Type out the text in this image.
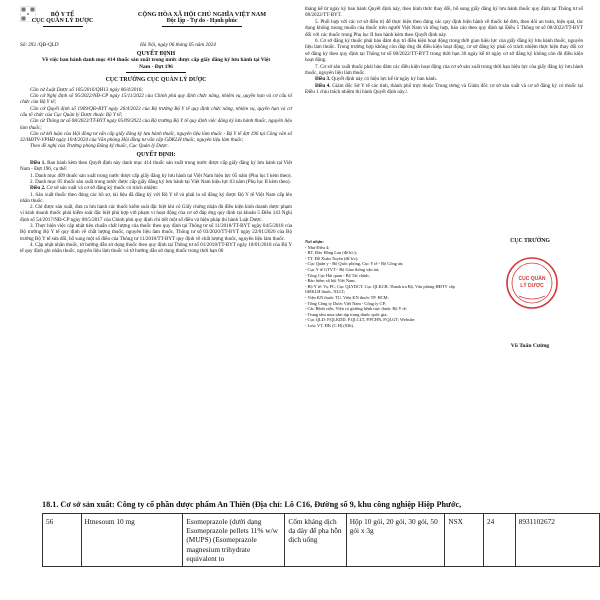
BỘ Y TẾ
CỤC QUẢN LÝ DƯỢC
CỘNG HÒA XÃ HỘI CHỦ NGHĨA VIỆT NAM
Độc lập - Tự do - Hạnh phúc
Số: 292 /QĐ-QLD	Hà Nội, ngày 06 tháng 05 năm 2024
QUYẾT ĐỊNH
Về việc ban hành danh mục 414 thuốc sản xuất trong nước được cấp giấy đăng ký lưu hành tại Việt Nam - Đợt 196
CỤC TRƯỞNG CỤC QUẢN LÝ DƯỢC

Căn cứ Luật Dược số 105/2016/QH13 ngày 06/4/2016;

Căn cứ Nghị định số 95/2022/NĐ-CP ngày 15/11/2022 của Chính phủ quy định chức năng, nhiệm vụ, quyền hạn và cơ cấu tổ chức của Bộ Y tế;

Căn cứ Quyết định số 1969/QĐ-BYT ngày 26/4/2023 của Bộ trưởng Bộ Y tế quy định chức năng, nhiệm vụ, quyền hạn và cơ cấu tổ chức của Cục Quản lý Dược thuộc Bộ Y tế;

Căn cứ Thông tư số 08/2022/TT-BYT ngày 05/09/2022 của Bộ trưởng Bộ Y tế quy định việc đăng ký lưu hành thuốc, nguyên liệu làm thuốc;

Căn cứ kết luận của Hội đồng tư vấn cấp giấy đăng ký lưu hành thuốc, nguyên liệu làm thuốc - Bộ Y tế đợt 196 tại Công văn số 32/HĐTV-VPHĐ ngày 10/4/2024 của Văn phòng Hội đồng tư vấn cấp GĐKLH thuốc, nguyên liệu làm thuốc;

Theo đề nghị của Trưởng phòng Đăng ký thuốc, Cục Quản lý Dược.

QUYẾT ĐỊNH:

Điều 1. Ban hành kèm theo Quyết định này danh mục 414 thuốc sản xuất trong nước được cấp giấy đăng ký lưu hành tại Việt Nam - Đợt 196, cụ thể:

1. Danh mục 409 thuốc sản xuất trong nước được cấp giấy đăng ký lưu hành tại Việt Nam hiệu lực 05 năm (Phụ lục I kèm theo).

2. Danh mục 05 thuốc sản xuất trong nước được cấp giấy đăng ký lưu hành tại Việt Nam hiệu lực 03 năm (Phụ lục II kèm theo).

Điều 2. Cơ sở sản xuất và cơ sở đăng ký thuốc có trách nhiệm:

1. Sản xuất thuốc theo đúng các hồ sơ, tài liệu đã đăng ký với Bộ Y tế và phải in số đăng ký được Bộ Y tế Việt Nam cấp lên nhãn thuốc.

2. Chỉ được sản xuất, đưa ra lưu hành các thuốc kiểm soát đặc biệt khi có Giấy chứng nhận đủ điều kiện kinh doanh dược phạm vi kinh doanh thuốc phải kiểm soát đặc biệt phù hợp với phạm vi hoạt động của cơ sở đáp ứng quy định tại khoản 5 Điều 143 Nghị định số 54/2017/NĐ-CP ngày 08/5/2017 của Chính phủ quy định chi tiết một số điều và biện pháp thi hành Luật Dược.

3. Thực hiện việc cập nhật tiêu chuẩn chất lượng của thuốc theo quy định tại Thông tư số 11/2018/TT-BYT ngày 04/5/2018 của Bộ trưởng Bộ Y tế quy định về chất lượng thuốc, nguyên liệu làm thuốc, Thông tư số 03/2020/TT-BYT ngày 22/01/2020 của Bộ trưởng Bộ Y tế sửa đổi, bổ sung một số điều của Thông tư 11/2018/TT-BYT quy định về chất lượng thuốc, nguyên liệu làm thuốc.

4. Cập nhật nhãn thuốc, tờ hướng dẫn sử dụng thuốc theo quy định tại Thông tư số 01/2018/TT-BYT ngày 18/01/2018 của Bộ Y tế quy định ghi nhãn thuốc, nguyên liệu làm thuốc và tờ hướng dẫn sử dụng thuốc trong thời hạn 06

tháng kể từ ngày ký ban hành Quyết định này, theo hình thức thay đổi, bổ sung giấy đăng ký lưu hành thuốc quy định tại Thông tư số 08/2022/TT-BYT.

5. Phối hợp với các cơ sở điều trị để thực hiện theo đúng các quy định hiện hành về thuốc kê đơn, theo dõi an toàn, hiệu quả, tác dụng không mong muốn của thuốc trên người Việt Nam và tổng hợp, báo cáo theo quy định tại Điều 5 Thông tư số 08/2022/TT-BYT đối với các thuốc trong Phụ lục II ban hành kèm theo Quyết định này.

6. Cơ sở đăng ký thuốc phải bảo đảm duy trì điều kiện hoạt động trong thời gian hiệu lực của giấy đăng ký lưu hành thuốc, nguyên liệu làm thuốc. Trong trường hợp không còn đáp ứng đủ điều kiện hoạt động, cơ sở đăng ký phải có trách nhiệm thực hiện thay đổi cơ sở đăng ký theo quy định tại Thông tư số 08/2022/TT-BYT trong thời hạn 30 ngày kể từ ngày cơ sở đăng ký không còn đủ điều kiện hoạt động.

7. Cơ sở sản xuất thuốc phải bảo đảm các điều kiện hoạt động của cơ sở sản xuất trong thời hạn hiệu lực của giấy đăng ký lưu hành thuốc, nguyên liệu làm thuốc.

Điều 3. Quyết định này có hiệu lực kể từ ngày ký ban hành.

Điều 4. Giám đốc Sở Y tế các tỉnh, thành phố trực thuộc Trung ương và Giám đốc cơ sở sản xuất và cơ sở đăng ký có thuốc tại Điều 1 chịu trách nhiệm thi hành Quyết định này./.

Nơi nhận:
- Như Điều 4;
- BT. Đào Hồng Lan (để b/c);
- TT. Đỗ Xuân Tuyên (để b/c);
- Cục Quân y - Bộ Quốc phòng, Cục Y tế - Bộ Công an;
- Cục Y tế GTVT - Bộ Giao thông vận tải;
- Tổng Cục Hải quan - Bộ Tài chính;
- Bảo hiểm xã hội Việt Nam;
- Bộ Y tế: Vụ PC, Cục QLYDCT, Cục QLKCB, Thanh tra Bộ, Văn phòng HĐTV cấp GĐKLH thuốc, NLLT;
- Viện KN thuốc TU, Viện KN thuốc TP. HCM;
- Tổng Công ty Dược Việt Nam - Công ty CP;
- Các Bệnh viện, Viện có giường bệnh trực thuộc Bộ Y tế;
- Trung tâm mua sắm tập trung thuốc quốc gia;
- Cục QLD: P.QLKDD, P.QLCLT, P.PCHN, P.QLGT; Website;
- Lưu: VT, ĐK (C.H) (02b).
CỤC TRƯỞNG
CỤC QUẢN
LÝ DƯỢC
Vũ Tuấn Cường
18.1. Cơ sở sản xuất: Công ty cổ phần dược phẩm An Thiên (Địa chỉ: Lô C16, Đường số 9, khu công nghiệp Hiệp Phước,
56	Htnesoum 10 mg	Esomeprazole (dưới dạng Esomeprazole pellets 11% w/w (MUPS) (Esomeprazole magnesium trihydrate equivalent to	Cốm kháng dịch dạ dày để pha hỗn dịch uống	Hộp 10 gói, 20 gói, 30 gói, 50 gói x 3g	NSX	24	8931102672
